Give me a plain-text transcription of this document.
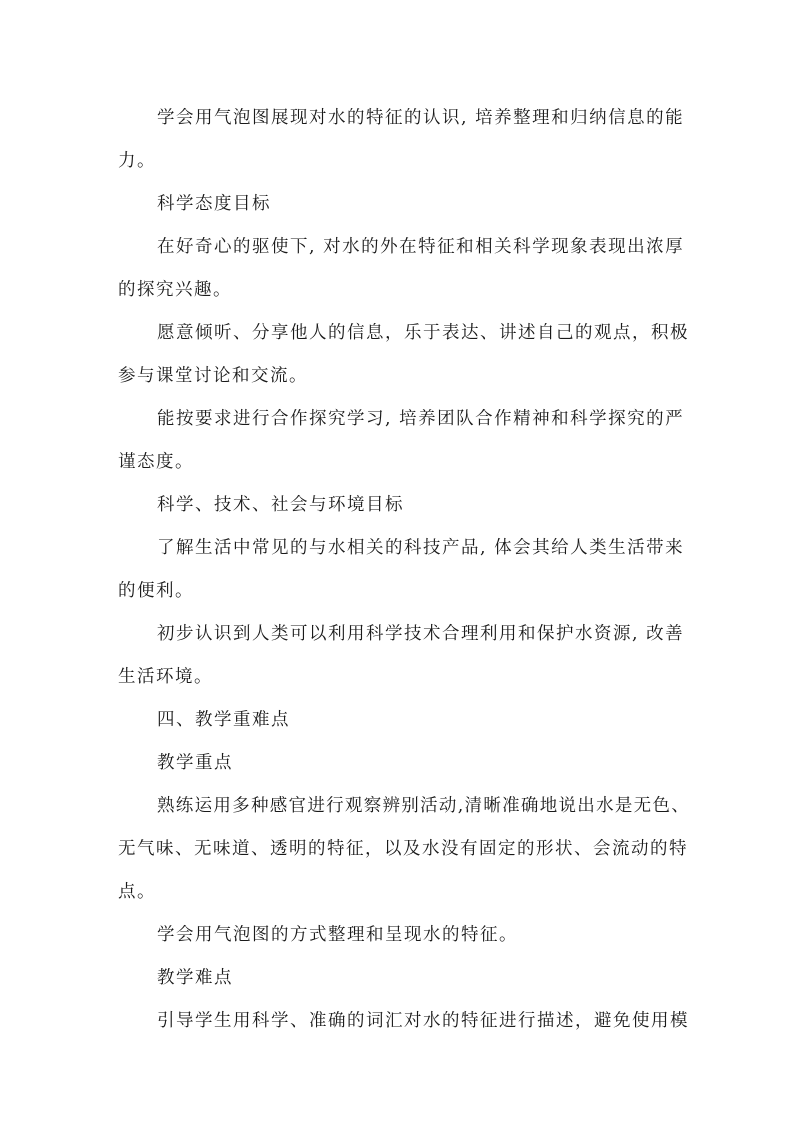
学会用气泡图展现对水的特征的认识, 培养整理和归纳信息的能

力。

科学态度目标

在好奇心的驱使下, 对水的外在特征和相关科学现象表现出浓厚

的探究兴趣。

愿意倾听、分享他人的信息，乐于表达、讲述自己的观点，积极

参与课堂讨论和交流。

能按要求进行合作探究学习, 培养团队合作精神和科学探究的严

谨态度。

科学、技术、社会与环境目标

了解生活中常见的与水相关的科技产品, 体会其给人类生活带来

的便利。

初步认识到人类可以利用科学技术合理利用和保护水资源, 改善

生活环境。

四、教学重难点

教学重点

熟练运用多种感官进行观察辨别活动,清晰准确地说出水是无色、

无气味、无味道、透明的特征，以及水没有固定的形状、会流动的特

点。

学会用气泡图的方式整理和呈现水的特征。

教学难点

引导学生用科学、准确的词汇对水的特征进行描述，避免使用模
